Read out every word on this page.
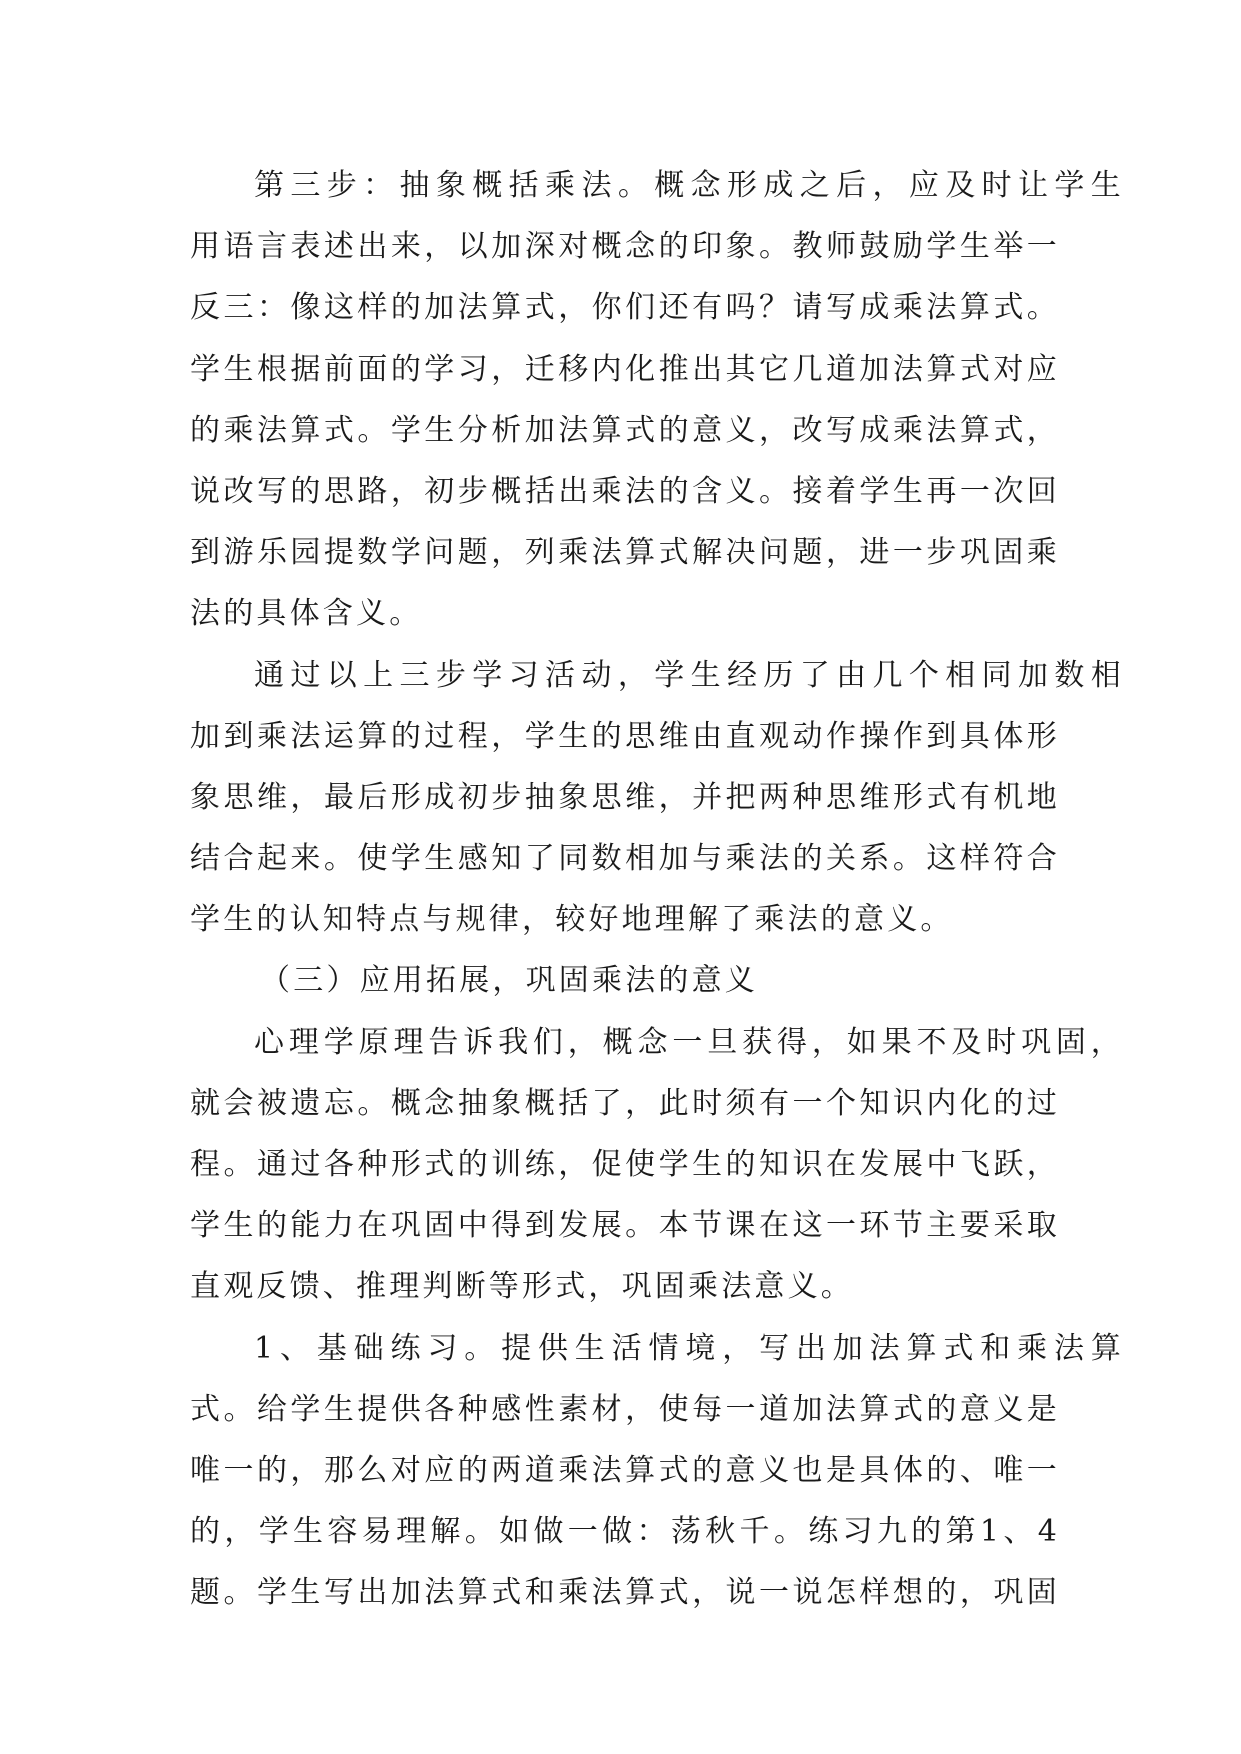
第三步：抽象概括乘法。概念形成之后，应及时让学生
用语言表述出来，以加深对概念的印象。教师鼓励学生举一
反三：像这样的加法算式，你们还有吗？请写成乘法算式。
学生根据前面的学习，迁移内化推出其它几道加法算式对应
的乘法算式。学生分析加法算式的意义，改写成乘法算式，
说改写的思路，初步概括出乘法的含义。接着学生再一次回
到游乐园提数学问题，列乘法算式解决问题，进一步巩固乘
法的具体含义。
通过以上三步学习活动，学生经历了由几个相同加数相
加到乘法运算的过程，学生的思维由直观动作操作到具体形
象思维，最后形成初步抽象思维，并把两种思维形式有机地
结合起来。使学生感知了同数相加与乘法的关系。这样符合
学生的认知特点与规律，较好地理解了乘法的意义。
（三）应用拓展，巩固乘法的意义
心理学原理告诉我们，概念一旦获得，如果不及时巩固，
就会被遗忘。概念抽象概括了，此时须有一个知识内化的过
程。通过各种形式的训练，促使学生的知识在发展中飞跃，
学生的能力在巩固中得到发展。本节课在这一环节主要采取
直观反馈、推理判断等形式，巩固乘法意义。
1、基础练习。提供生活情境，写出加法算式和乘法算
式。给学生提供各种感性素材，使每一道加法算式的意义是
唯一的，那么对应的两道乘法算式的意义也是具体的、唯一
的，学生容易理解。如做一做：荡秋千。练习九的第1、4
题。学生写出加法算式和乘法算式，说一说怎样想的，巩固
